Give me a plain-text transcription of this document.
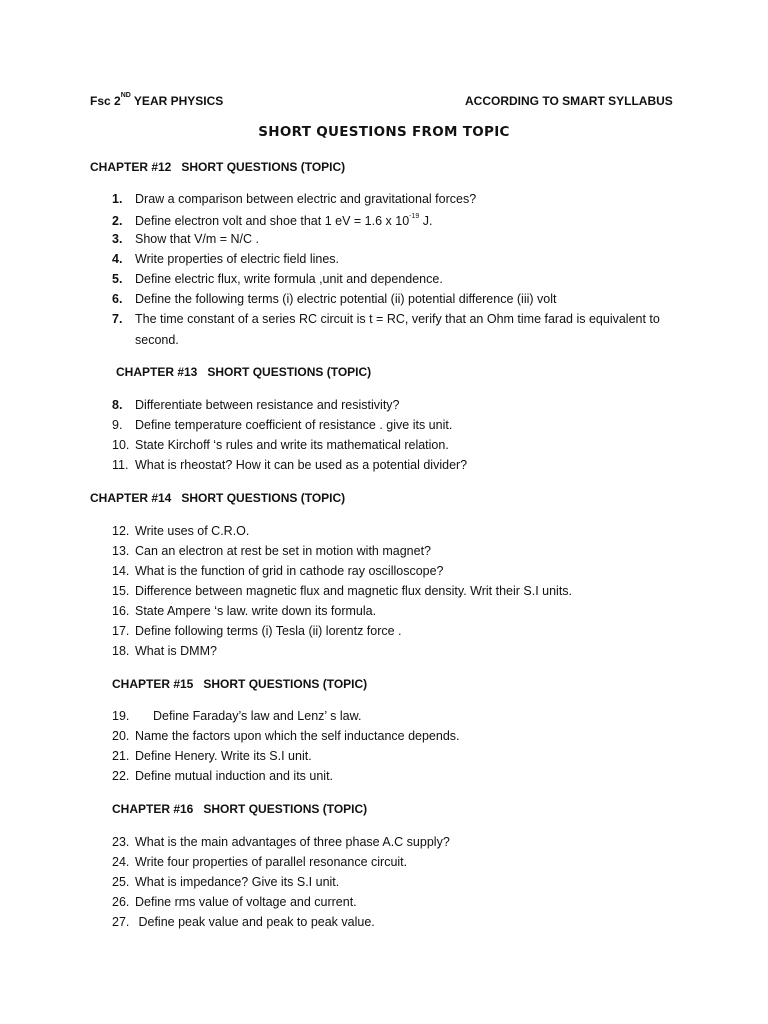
Fsc 2ND YEAR PHYSICS	ACCORDING TO SMART SYLLABUS
SHORT QUESTIONS FROM TOPIC
CHAPTER #12 SHORT QUESTIONS (TOPIC)
1. Draw a comparison between electric and gravitational forces?
2. Define electron volt and shoe that 1 eV = 1.6 x $10^{-19}$ J.
3. Show that V/m = N/C .
4. Write properties of electric field lines.
5. Define electric flux, write formula ,unit and dependence.
6. Define the following terms (i) electric potential (ii) potential difference (iii) volt
7. The time constant of a series RC circuit is t = RC, verify that an Ohm time farad is equivalent to
second.
CHAPTER #13 SHORT QUESTIONS (TOPIC)
8. Differentiate between resistance and resistivity?
9. Define temperature coefficient of resistance . give its unit.
10. State Kirchoff ‘s rules and write its mathematical relation.
11. What is rheostat? How it can be used as a potential divider?
CHAPTER #14 SHORT QUESTIONS (TOPIC)
12. Write uses of C.R.O.
13. Can an electron at rest be set in motion with magnet?
14. What is the function of grid in cathode ray oscilloscope?
15. Difference between magnetic flux and magnetic flux density. Writ their S.I units.
16. State Ampere ‘s law. write down its formula.
17. Define following terms (i) Tesla (ii) lorentz force .
18. What is DMM?
CHAPTER #15 SHORT QUESTIONS (TOPIC)
19. Define Faraday’s law and Lenz’ s law.
20. Name the factors upon which the self inductance depends.
21. Define Henery. Write its S.I unit.
22. Define mutual induction and its unit.
CHAPTER #16 SHORT QUESTIONS (TOPIC)
23. What is the main advantages of three phase A.C supply?
24. Write four properties of parallel resonance circuit.
25. What is impedance? Give its S.I unit.
26. Define rms value of voltage and current.
27. Define peak value and peak to peak value.
